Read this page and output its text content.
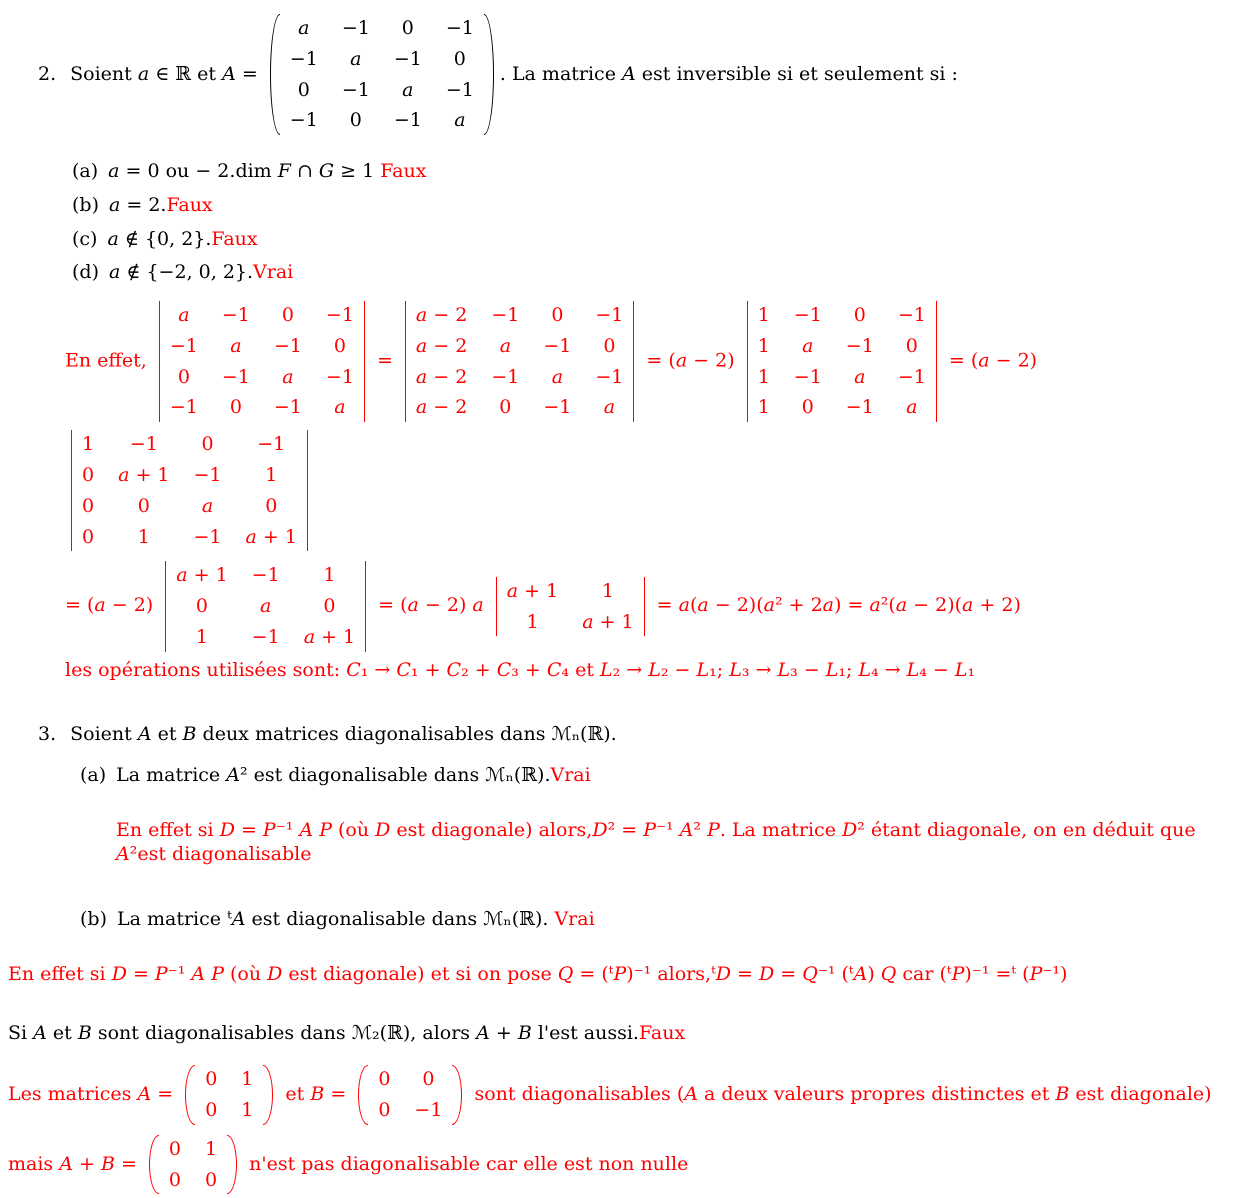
2. Soient a ∈ ℝ et A =
a −1 0 −1
−1 a −1 0
0 −1 a −1
−1 0 −1 a
. La matrice A est inversible si et seulement si :
(a) a = 0 ou − 2.dim F ∩ G ≥ 1 Faux
(b) a = 2.Faux
(c) a ∉ {0, 2}.Faux
(d) a ∉ {−2, 0, 2}.Vrai
En effet,
a −1 0 −1
−1 a −1 0
0 −1 a −1
−1 0 −1 a
=
a − 2 −1 0 −1
a − 2 a −1 0
a − 2 −1 a −1
a − 2 0 −1 a
= (a − 2)
1 −1 0 −1
1 a −1 0
1 −1 a −1
1 0 −1 a
= (a − 2)
1 −1 0 −1
0 a + 1 −1 1
0 0	a	0
0 1 −1 a + 1
= (a − 2)
a + 1 −1 1
0	a	0
1 −1 a + 1
= (a − 2) a
a + 1 1
1 a + 1
= a(a − 2)(a² + 2a) = a²(a − 2)(a + 2)
les opérations utilisées sont: C₁ → C₁ + C₂ + C₃ + C₄ et L₂ → L₂ − L₁; L₃ → L₃ − L₁; L₄ → L₄ − L₁
3. Soient A et B deux matrices diagonalisables dans ℳₙ(ℝ).
(a) La matrice A² est diagonalisable dans ℳₙ(ℝ).Vrai
En effet si D = P⁻¹ A P (où D est diagonale) alors,D² = P⁻¹ A² P. La matrice D² étant diagonale, on en déduit que A²est diagonalisable
(b) La matrice ᵗA est diagonalisable dans ℳₙ(ℝ). Vrai
En effet si D = P⁻¹ A P (où D est diagonale) et si on pose Q = (ᵗP)⁻¹ alors,ᵗD = D = Q⁻¹ (ᵗA) Q car (ᵗP)⁻¹ =ᵗ (P⁻¹)
Si A et B sont diagonalisables dans ℳ₂(ℝ), alors A + B l'est aussi.Faux
Les matrices A =
0 1
0 1
et B =
0 0
0 −1
sont diagonalisables (A a deux valeurs propres distinctes et B est diagonale)
mais A + B =
0 1
0 0
n'est pas diagonalisable car elle est non nulle
